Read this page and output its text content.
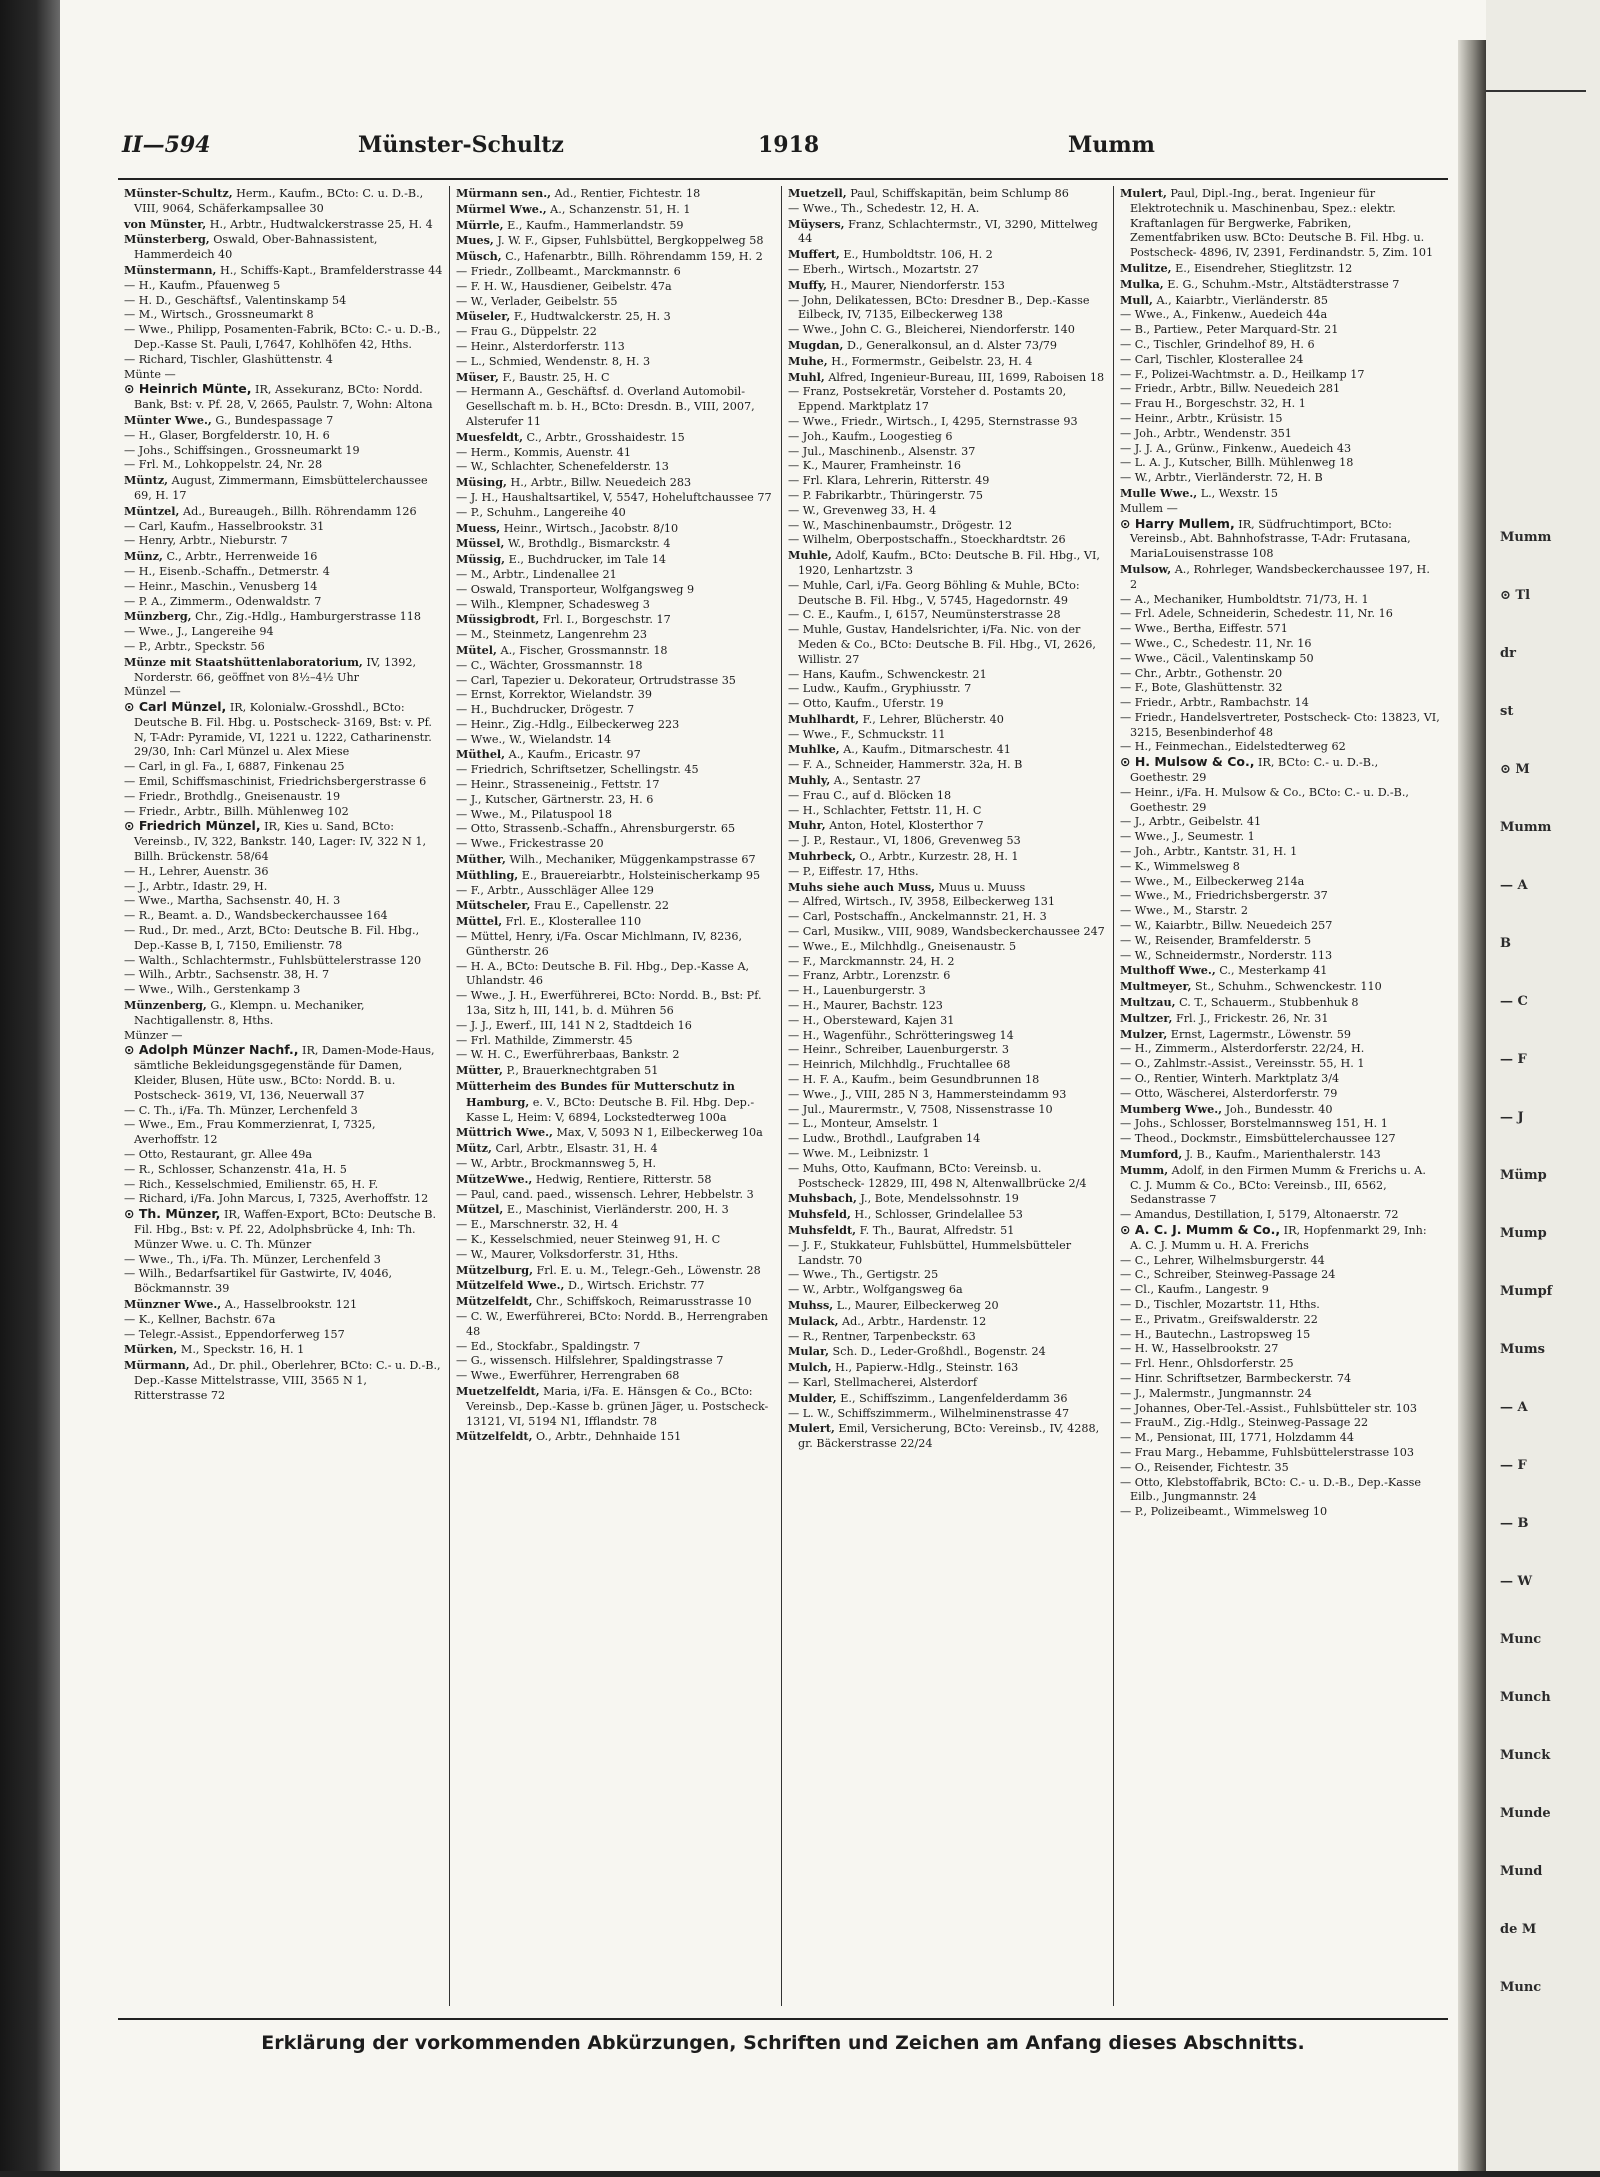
Mumm
⊙ Tl
dr
st
⊙ M
Mumm
— A
B
— C
— F
— J
Mümp
Mump
Mumpf
Mums
— A
— F
— B
— W
Munc
Munch
Munck
Munde
Mund
de M
Munc
II—594	Münster-Schultz	1918	Mumm

Münster-Schultz, Herm., Kaufm., BCto: C. u. D.-B., VIII, 9064, Schäferkampsallee 30

von Münster, H., Arbtr., Hudtwalckerstrasse 25, H. 4

Münsterberg, Oswald, Ober-Bahnassistent, Hammerdeich 40

Münstermann, H., Schiffs-Kapt., Bramfelderstrasse 44

— H., Kaufm., Pfauenweg 5

— H. D., Geschäftsf., Valentinskamp 54

— M., Wirtsch., Grossneumarkt 8

— Wwe., Philipp, Posamenten-Fabrik, BCto: C.- u. D.-B., Dep.-Kasse St. Pauli, I,7647, Kohlhöfen 42, Hths.

— Richard, Tischler, Glashüttenstr. 4

Münte —

⊙ Heinrich Münte, IR, Assekuranz, BCto: Nordd. Bank, Bst: v. Pf. 28, V, 2665, Paulstr. 7, Wohn: Altona

Münter Wwe., G., Bundespassage 7

— H., Glaser, Borgfelderstr. 10, H. 6

— Johs., Schiffsingen., Grossneumarkt 19

— Frl. M., Lohkoppelstr. 24, Nr. 28

Müntz, August, Zimmermann, Eimsbüttelerchaussee 69, H. 17

Müntzel, Ad., Bureaugeh., Billh. Röhrendamm 126

— Carl, Kaufm., Hasselbrookstr. 31

— Henry, Arbtr., Nieburstr. 7

Münz, C., Arbtr., Herrenweide 16

— H., Eisenb.-Schaffn., Detmerstr. 4

— Heinr., Maschin., Venusberg 14

— P. A., Zimmerm., Odenwaldstr. 7

Münzberg, Chr., Zig.-Hdlg., Hamburgerstrasse 118

— Wwe., J., Langereihe 94

— P., Arbtr., Speckstr. 56

Münze mit Staatshüttenlaboratorium, IV, 1392, Norderstr. 66, geöffnet von 8½–4½ Uhr

Münzel —

⊙ Carl Münzel, IR, Kolonialw.-Grosshdl., BCto: Deutsche B. Fil. Hbg. u. Postscheck- 3169, Bst: v. Pf. N, T-Adr: Pyramide, VI, 1221 u. 1222, Catharinenstr. 29/30, Inh: Carl Münzel u. Alex Miese

— Carl, in gl. Fa., I, 6887, Finkenau 25

— Emil, Schiffsmaschinist, Friedrichsbergerstrasse 6

— Friedr., Brothdlg., Gneisenaustr. 19

— Friedr., Arbtr., Billh. Mühlenweg 102

⊙ Friedrich Münzel, IR, Kies u. Sand, BCto: Vereinsb., IV, 322, Bankstr. 140, Lager: IV, 322 N 1, Billh. Brückenstr. 58/64

— H., Lehrer, Auenstr. 36

— J., Arbtr., Idastr. 29, H.

— Wwe., Martha, Sachsenstr. 40, H. 3

— R., Beamt. a. D., Wandsbeckerchaussee 164

— Rud., Dr. med., Arzt, BCto: Deutsche B. Fil. Hbg., Dep.-Kasse B, I, 7150, Emilienstr. 78

— Walth., Schlachtermstr., Fuhlsbüttelerstrasse 120

— Wilh., Arbtr., Sachsenstr. 38, H. 7

— Wwe., Wilh., Gerstenkamp 3

Münzenberg, G., Klempn. u. Mechaniker, Nachtigallenstr. 8, Hths.

Münzer —

⊙ Adolph Münzer Nachf., IR, Damen-Mode-Haus, sämtliche Bekleidungsgegenstände für Damen, Kleider, Blusen, Hüte usw., BCto: Nordd. B. u. Postscheck- 3619, VI, 136, Neuerwall 37

— C. Th., i/Fa. Th. Münzer, Lerchenfeld 3

— Wwe., Em., Frau Kommerzienrat, I, 7325, Averhoffstr. 12

— Otto, Restaurant, gr. Allee 49a

— R., Schlosser, Schanzenstr. 41a, H. 5

— Rich., Kesselschmied, Emilienstr. 65, H. F.

— Richard, i/Fa. John Marcus, I, 7325, Averhoffstr. 12

⊙ Th. Münzer, IR, Waffen-Export, BCto: Deutsche B. Fil. Hbg., Bst: v. Pf. 22, Adolphsbrücke 4, Inh: Th. Münzer Wwe. u. C. Th. Münzer

— Wwe., Th., i/Fa. Th. Münzer, Lerchenfeld 3

— Wilh., Bedarfsartikel für Gastwirte, IV, 4046, Böckmannstr. 39

Münzner Wwe., A., Hasselbrookstr. 121

— K., Kellner, Bachstr. 67a

— Telegr.-Assist., Eppendorferweg 157

Mürken, M., Speckstr. 16, H. 1

Mürmann, Ad., Dr. phil., Oberlehrer, BCto: C.- u. D.-B., Dep.-Kasse Mittelstrasse, VIII, 3565 N 1, Ritterstrasse 72

Mürmann sen., Ad., Rentier, Fichtestr. 18

Mürmel Wwe., A., Schanzenstr. 51, H. 1

Mürrle, E., Kaufm., Hammerlandstr. 59

Mues, J. W. F., Gipser, Fuhlsbüttel, Bergkoppelweg 58

Müsch, C., Hafenarbtr., Billh. Röhrendamm 159, H. 2

— Friedr., Zollbeamt., Marckmannstr. 6

— F. H. W., Hausdiener, Geibelstr. 47a

— W., Verlader, Geibelstr. 55

Müseler, F., Hudtwalckerstr. 25, H. 3

— Frau G., Düppelstr. 22

— Heinr., Alsterdorferstr. 113

— L., Schmied, Wendenstr. 8, H. 3

Müser, F., Baustr. 25, H. C

— Hermann A., Geschäftsf. d. Overland Automobil-Gesellschaft m. b. H., BCto: Dresdn. B., VIII, 2007, Alsterufer 11

Muesfeldt, C., Arbtr., Grosshaidestr. 15

— Herm., Kommis, Auenstr. 41

— W., Schlachter, Schenefelderstr. 13

Müsing, H., Arbtr., Billw. Neuedeich 283

— J. H., Haushaltsartikel, V, 5547, Hoheluftchaussee 77

— P., Schuhm., Langereihe 40

Muess, Heinr., Wirtsch., Jacobstr. 8/10

Müssel, W., Brothdlg., Bismarckstr. 4

Müssig, E., Buchdrucker, im Tale 14

— M., Arbtr., Lindenallee 21

— Oswald, Transporteur, Wolfgangsweg 9

— Wilh., Klempner, Schadesweg 3

Müssigbrodt, Frl. I., Borgeschstr. 17

— M., Steinmetz, Langenrehm 23

Mütel, A., Fischer, Grossmannstr. 18

— C., Wächter, Grossmannstr. 18

— Carl, Tapezier u. Dekorateur, Ortrudstrasse 35

— Ernst, Korrektor, Wielandstr. 39

— H., Buchdrucker, Drögestr. 7

— Heinr., Zig.-Hdlg., Eilbeckerweg 223

— Wwe., W., Wielandstr. 14

Müthel, A., Kaufm., Ericastr. 97

— Friedrich, Schriftsetzer, Schellingstr. 45

— Heinr., Strasseneinig., Fettstr. 17

— J., Kutscher, Gärtnerstr. 23, H. 6

— Wwe., M., Pilatuspool 18

— Otto, Strassenb.-Schaffn., Ahrensburgerstr. 65

— Wwe., Frickestrasse 20

Müther, Wilh., Mechaniker, Müggenkampstrasse 67

Müthling, E., Brauereiarbtr., Holsteinischerkamp 95

— F., Arbtr., Ausschläger Allee 129

Mütscheler, Frau E., Capellenstr. 22

Müttel, Frl. E., Klosterallee 110

— Müttel, Henry, i/Fa. Oscar Michlmann, IV, 8236, Güntherstr. 26

— H. A., BCto: Deutsche B. Fil. Hbg., Dep.-Kasse A, Uhlandstr. 46

— Wwe., J. H., Ewerführerei, BCto: Nordd. B., Bst: Pf. 13a, Sitz h, III, 141, b. d. Mühren 56

— J. J., Ewerf., III, 141 N 2, Stadtdeich 16

— Frl. Mathilde, Zimmerstr. 45

— W. H. C., Ewerführerbaas, Bankstr. 2

Mütter, P., Brauerknechtgraben 51

Mütterheim des Bundes für Mutterschutz in Hamburg, e. V., BCto: Deutsche B. Fil. Hbg. Dep.-Kasse L, Heim: V, 6894, Lockstedterweg 100a

Müttrich Wwe., Max, V, 5093 N 1, Eilbeckerweg 10a

Mütz, Carl, Arbtr., Elsastr. 31, H. 4

— W., Arbtr., Brockmannsweg 5, H.

MützeWwe., Hedwig, Rentiere, Ritterstr. 58

— Paul, cand. paed., wissensch. Lehrer, Hebbelstr. 3

Mützel, E., Maschinist, Vierländerstr. 200, H. 3

— E., Marschnerstr. 32, H. 4

— K., Kesselschmied, neuer Steinweg 91, H. C

— W., Maurer, Volksdorferstr. 31, Hths.

Mützelburg, Frl. E. u. M., Telegr.-Geh., Löwenstr. 28

Mützelfeld Wwe., D., Wirtsch. Erichstr. 77

Mützelfeldt, Chr., Schiffskoch, Reimarusstrasse 10

— C. W., Ewerführerei, BCto: Nordd. B., Herrengraben 48

— Ed., Stockfabr., Spaldingstr. 7

— G., wissensch. Hilfslehrer, Spaldingstrasse 7

— Wwe., Ewerführer, Herrengraben 68

Muetzelfeldt, Maria, i/Fa. E. Hänsgen & Co., BCto: Vereinsb., Dep.-Kasse b. grünen Jäger, u. Postscheck- 13121, VI, 5194 N1, Ifflandstr. 78

Mützelfeldt, O., Arbtr., Dehnhaide 151

Muetzell, Paul, Schiffskapitän, beim Schlump 86

— Wwe., Th., Schedestr. 12, H. A.

Müysers, Franz, Schlachtermstr., VI, 3290, Mittelweg 44

Muffert, E., Humboldtstr. 106, H. 2

— Eberh., Wirtsch., Mozartstr. 27

Muffy, H., Maurer, Niendorferstr. 153

— John, Delikatessen, BCto: Dresdner B., Dep.-Kasse Eilbeck, IV, 7135, Eilbeckerweg 138

— Wwe., John C. G., Bleicherei, Niendorferstr. 140

Mugdan, D., Generalkonsul, an d. Alster 73/79

Muhe, H., Formermstr., Geibelstr. 23, H. 4

Muhl, Alfred, Ingenieur-Bureau, III, 1699, Raboisen 18

— Franz, Postsekretär, Vorsteher d. Postamts 20, Eppend. Marktplatz 17

— Wwe., Friedr., Wirtsch., I, 4295, Sternstrasse 93

— Joh., Kaufm., Loogestieg 6

— Jul., Maschinenb., Alsenstr. 37

— K., Maurer, Framheinstr. 16

— Frl. Klara, Lehrerin, Ritterstr. 49

— P. Fabrikarbtr., Thüringerstr. 75

— W., Grevenweg 33, H. 4

— W., Maschinenbaumstr., Drögestr. 12

— Wilhelm, Oberpostschaffn., Stoeckhardtstr. 26

Muhle, Adolf, Kaufm., BCto: Deutsche B. Fil. Hbg., VI, 1920, Lenhartzstr. 3

— Muhle, Carl, i/Fa. Georg Böhling & Muhle, BCto: Deutsche B. Fil. Hbg., V, 5745, Hagedornstr. 49

— C. E., Kaufm., I, 6157, Neumünsterstrasse 28

— Muhle, Gustav, Handelsrichter, i/Fa. Nic. von der Meden & Co., BCto: Deutsche B. Fil. Hbg., VI, 2626, Willistr. 27

— Hans, Kaufm., Schwenckestr. 21

— Ludw., Kaufm., Gryphiusstr. 7

— Otto, Kaufm., Uferstr. 19

Muhlhardt, F., Lehrer, Blücherstr. 40

— Wwe., F., Schmuckstr. 11

Muhlke, A., Kaufm., Ditmarschestr. 41

— F. A., Schneider, Hammerstr. 32a, H. B

Muhly, A., Sentastr. 27

— Frau C., auf d. Blöcken 18

— H., Schlachter, Fettstr. 11, H. C

Muhr, Anton, Hotel, Klosterthor 7

— J. P., Restaur., VI, 1806, Grevenweg 53

Muhrbeck, O., Arbtr., Kurzestr. 28, H. 1

— P., Eiffestr. 17, Hths.

Muhs siehe auch Muss, Muus u. Muuss

— Alfred, Wirtsch., IV, 3958, Eilbeckerweg 131

— Carl, Postschaffn., Anckelmannstr. 21, H. 3

— Carl, Musikw., VIII, 9089, Wandsbeckerchaussee 247

— Wwe., E., Milchhdlg., Gneisenaustr. 5

— F., Marckmannstr. 24, H. 2

— Franz, Arbtr., Lorenzstr. 6

— H., Lauenburgerstr. 3

— H., Maurer, Bachstr. 123

— H., Obersteward, Kajen 31

— H., Wagenführ., Schrötteringsweg 14

— Heinr., Schreiber, Lauenburgerstr. 3

— Heinrich, Milchhdlg., Fruchtallee 68

— H. F. A., Kaufm., beim Gesundbrunnen 18

— Wwe., J., VIII, 285 N 3, Hammersteindamm 93

— Jul., Maurermstr., V, 7508, Nissenstrasse 10

— L., Monteur, Amselstr. 1

— Ludw., Brothdl., Laufgraben 14

— Wwe. M., Leibnizstr. 1

— Muhs, Otto, Kaufmann, BCto: Vereinsb. u. Postscheck- 12829, III, 498 N, Altenwallbrücke 2/4

Muhsbach, J., Bote, Mendelssohnstr. 19

Muhsfeld, H., Schlosser, Grindelallee 53

Muhsfeldt, F. Th., Baurat, Alfredstr. 51

— J. F., Stukkateur, Fuhlsbüttel, Hummelsbütteler Landstr. 70

— Wwe., Th., Gertigstr. 25

— W., Arbtr., Wolfgangsweg 6a

Muhss, L., Maurer, Eilbeckerweg 20

Mulack, Ad., Arbtr., Hardenstr. 12

— R., Rentner, Tarpenbeckstr. 63

Mular, Sch. D., Leder-Großhdl., Bogenstr. 24

Mulch, H., Papierw.-Hdlg., Steinstr. 163

— Karl, Stellmacherei, Alsterdorf

Mulder, E., Schiffszimm., Langenfelderdamm 36

— L. W., Schiffszimmerm., Wilhelminenstrasse 47

Mulert, Emil, Versicherung, BCto: Vereinsb., IV, 4288, gr. Bäckerstrasse 22/24

Mulert, Paul, Dipl.-Ing., berat. Ingenieur für Elektrotechnik u. Maschinenbau, Spez.: elektr. Kraftanlagen für Bergwerke, Fabriken, Zementfabriken usw. BCto: Deutsche B. Fil. Hbg. u. Postscheck- 4896, IV, 2391, Ferdinandstr. 5, Zim. 101

Mulitze, E., Eisendreher, Stieglitzstr. 12

Mulka, E. G., Schuhm.-Mstr., Altstädterstrasse 7

Mull, A., Kaiarbtr., Vierländerstr. 85

— Wwe., A., Finkenw., Auedeich 44a

— B., Partiew., Peter Marquard-Str. 21

— C., Tischler, Grindelhof 89, H. 6

— Carl, Tischler, Klosterallee 24

— F., Polizei-Wachtmstr. a. D., Heilkamp 17

— Friedr., Arbtr., Billw. Neuedeich 281

— Frau H., Borgeschstr. 32, H. 1

— Heinr., Arbtr., Krüsistr. 15

— Joh., Arbtr., Wendenstr. 351

— J. J. A., Grünw., Finkenw., Auedeich 43

— L. A. J., Kutscher, Billh. Mühlenweg 18

— W., Arbtr., Vierländerstr. 72, H. B

Mulle Wwe., L., Wexstr. 15

Mullem —

⊙ Harry Mullem, IR, Südfruchtimport, BCto: Vereinsb., Abt. Bahnhofstrasse, T-Adr: Frutasana, MariaLouisenstrasse 108

Mulsow, A., Rohrleger, Wandsbeckerchaussee 197, H. 2

— A., Mechaniker, Humboldtstr. 71/73, H. 1

— Frl. Adele, Schneiderin, Schedestr. 11, Nr. 16

— Wwe., Bertha, Eiffestr. 571

— Wwe., C., Schedestr. 11, Nr. 16

— Wwe., Cäcil., Valentinskamp 50

— Chr., Arbtr., Gothenstr. 20

— F., Bote, Glashüttenstr. 32

— Friedr., Arbtr., Rambachstr. 14

— Friedr., Handelsvertreter, Postscheck- Cto: 13823, VI, 3215, Besenbinderhof 48

— H., Feinmechan., Eidelstedterweg 62

⊙ H. Mulsow & Co., IR, BCto: C.- u. D.-B., Goethestr. 29

— Heinr., i/Fa. H. Mulsow & Co., BCto: C.- u. D.-B., Goethestr. 29

— J., Arbtr., Geibelstr. 41

— Wwe., J., Seumestr. 1

— Joh., Arbtr., Kantstr. 31, H. 1

— K., Wimmelsweg 8

— Wwe., M., Eilbeckerweg 214a

— Wwe., M., Friedrichsbergerstr. 37

— Wwe., M., Starstr. 2

— W., Kaiarbtr., Billw. Neuedeich 257

— W., Reisender, Bramfelderstr. 5

— W., Schneidermstr., Norderstr. 113

Multhoff Wwe., C., Mesterkamp 41

Multmeyer, St., Schuhm., Schwenckestr. 110

Multzau, C. T., Schauerm., Stubbenhuk 8

Multzer, Frl. J., Frickestr. 26, Nr. 31

Mulzer, Ernst, Lagermstr., Löwenstr. 59

— H., Zimmerm., Alsterdorferstr. 22/24, H.

— O., Zahlmstr.-Assist., Vereinsstr. 55, H. 1

— O., Rentier, Winterh. Marktplatz 3/4

— Otto, Wäscherei, Alsterdorferstr. 79

Mumberg Wwe., Joh., Bundesstr. 40

— Johs., Schlosser, Borstelmannsweg 151, H. 1

— Theod., Dockmstr., Eimsbüttelerchaussee 127

Mumford, J. B., Kaufm., Marienthalerstr. 143

Mumm, Adolf, in den Firmen Mumm & Frerichs u. A. C. J. Mumm & Co., BCto: Vereinsb., III, 6562, Sedanstrasse 7

— Amandus, Destillation, I, 5179, Altonaerstr. 72

⊙ A. C. J. Mumm & Co., IR, Hopfenmarkt 29, Inh: A. C. J. Mumm u. H. A. Frerichs

— C., Lehrer, Wilhelmsburgerstr. 44

— C., Schreiber, Steinweg-Passage 24

— Cl., Kaufm., Langestr. 9

— D., Tischler, Mozartstr. 11, Hths.

— E., Privatm., Greifswalderstr. 22

— H., Bautechn., Lastropsweg 15

— H. W., Hasselbrookstr. 27

— Frl. Henr., Ohlsdorferstr. 25

— Hinr. Schriftsetzer, Barmbeckerstr. 74

— J., Malermstr., Jungmannstr. 24

— Johannes, Ober-Tel.-Assist., Fuhlsbütteler str. 103

— FrauM., Zig.-Hdlg., Steinweg-Passage 22

— M., Pensionat, III, 1771, Holzdamm 44

— Frau Marg., Hebamme, Fuhlsbüttelerstrasse 103

— O., Reisender, Fichtestr. 35

— Otto, Klebstoffabrik, BCto: C.- u. D.-B., Dep.-Kasse Eilb., Jungmannstr. 24

— P., Polizeibeamt., Wimmelsweg 10

Erklärung der vorkommenden Abkürzungen, Schriften und Zeichen am Anfang dieses Abschnitts.
